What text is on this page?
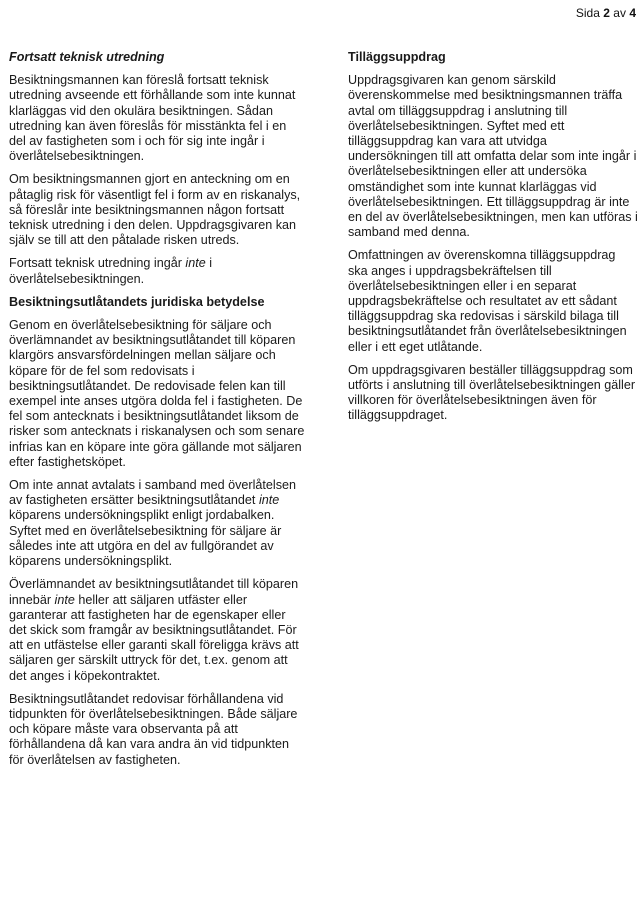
Sida 2 av 4
Fortsatt teknisk utredning

Besiktningsmannen kan föreslå fortsatt teknisk utredning avseende ett förhållande som inte kunnat klarläggas vid den okulära besiktningen. Sådan utredning kan även föreslås för misstänkta fel i en del av fastigheten som i och för sig inte ingår i överlåtelsebesiktningen.

Om besiktningsmannen gjort en anteckning om en påtaglig risk för väsentligt fel i form av en riskanalys, så föreslår inte besiktningsmannen någon fortsatt teknisk utredning i den delen. Uppdragsgivaren kan själv se till att den påtalade risken utreds.

Fortsatt teknisk utredning ingår inte i överlåtelsebesiktningen.

Besiktningsutlåtandets juridiska betydelse

Genom en överlåtelsebesiktning för säljare och överlämnandet av besiktningsutlåtandet till köparen klargörs ansvarsfördelningen mellan säljare och köpare för de fel som redovisats i besiktningsutlåtandet. De redovisade felen kan till exempel inte anses utgöra dolda fel i fastigheten. De fel som antecknats i besiktningsutlåtandet liksom de risker som antecknats i riskanalysen och som senare infrias kan en köpare inte göra gällande mot säljaren efter fastighetsköpet.

Om inte annat avtalats i samband med överlåtelsen av fastigheten ersätter besiktningsutlåtandet inte köparens undersökningsplikt enligt jordabalken. Syftet med en överlåtelsebesiktning för säljare är således inte att utgöra en del av fullgörandet av köparens undersökningsplikt.

Överlämnandet av besiktningsutlåtandet till köparen innebär inte heller att säljaren utfäster eller garanterar att fastigheten har de egenskaper eller det skick som framgår av besiktningsutlåtandet. För att en utfästelse eller garanti skall föreligga krävs att säljaren ger särskilt uttryck för det, t.ex. genom att det anges i köpekontraktet.

Besiktningsutlåtandet redovisar förhållandena vid tidpunkten för överlåtelsebesiktningen. Både säljare och köpare måste vara observanta på att förhållandena då kan vara andra än vid tidpunkten för överlåtelsen av fastigheten.

Tilläggsuppdrag

Uppdragsgivaren kan genom särskild överenskommelse med besiktningsmannen träffa avtal om tilläggsuppdrag i anslutning till överlåtelsebesiktningen. Syftet med ett tilläggsuppdrag kan vara att utvidga undersökningen till att omfatta delar som inte ingår i överlåtelsebesiktningen eller att undersöka omständighet som inte kunnat klarläggas vid överlåtelsebesiktningen. Ett tilläggsuppdrag är inte en del av överlåtelsebesiktningen, men kan utföras i samband med denna.

Omfattningen av överenskomna tilläggsuppdrag ska anges i uppdragsbekräftelsen till överlåtelsebesiktningen eller i en separat uppdragsbekräftelse och resultatet av ett sådant tilläggsuppdrag ska redovisas i särskild bilaga till besiktningsutlåtandet från överlåtelsebesiktningen eller i ett eget utlåtande.

Om uppdragsgivaren beställer tilläggsuppdrag som utförts i anslutning till överlåtelsebesiktningen gäller villkoren för överlåtelsebesiktningen även för tilläggsuppdraget.
